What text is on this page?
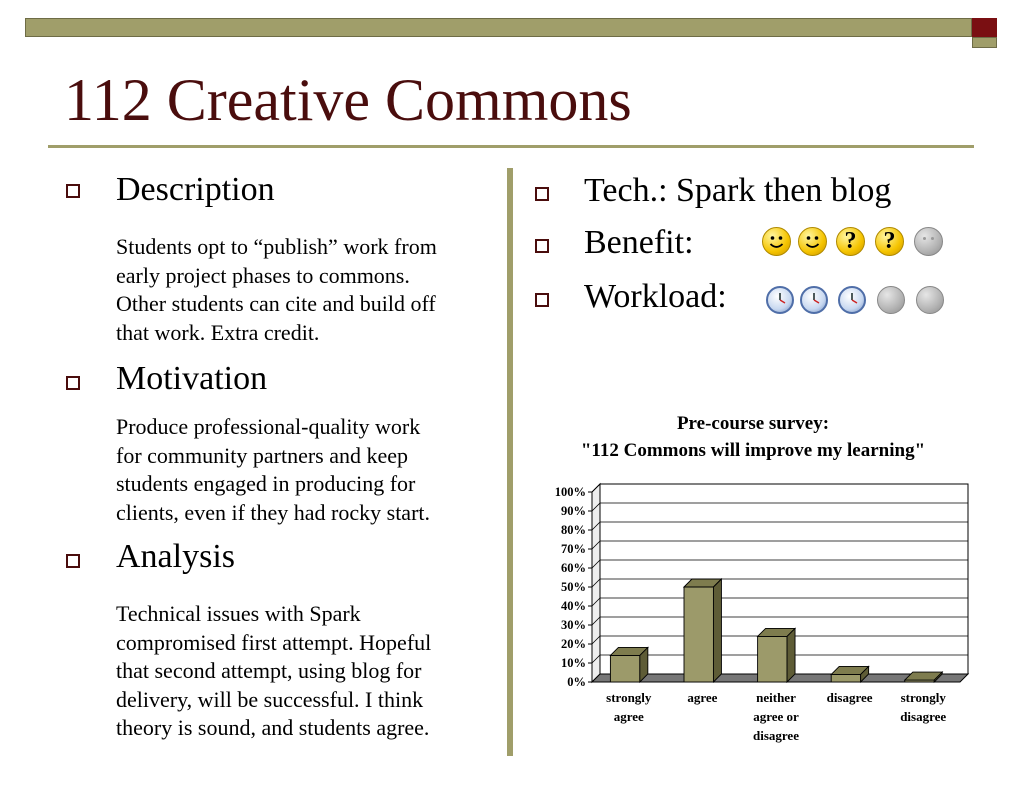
112 Creative Commons
Description
Students opt to “publish” work from
early project phases to commons.
Other students can cite and build off
that work. Extra credit.
Motivation
Produce professional-quality work
for community partners and keep
students engaged in producing for
clients, even if they had rocky start.
Analysis
Technical issues with Spark
compromised first attempt. Hopeful
that second attempt, using blog for
delivery, will be successful. I think
theory is sound, and students agree.
Tech.: Spark then blog
Benefit:	?	?
Workload:
Pre-course survey:
"112 Commons will improve my learning"
0%
10%
20%
30%
40%
50%
60%
70%
80%
90%
100%
strongly
agree
agree	neither
agree or
disagree
disagree strongly
disagree
